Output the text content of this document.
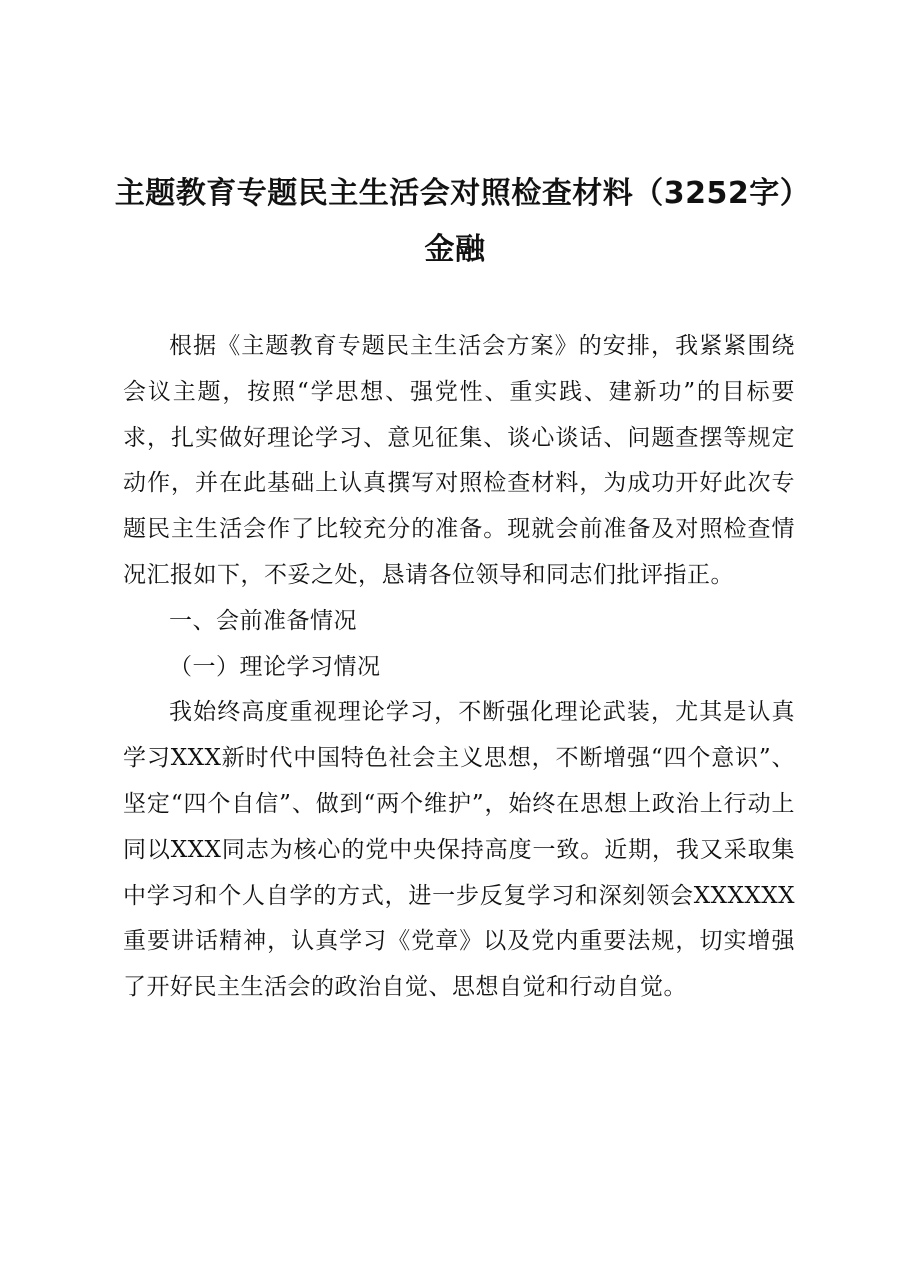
主题教育专题民主生活会对照检查材料（3252字）金融

根据《主题教育专题民主生活会方案》的安排，我紧紧围绕会议主题，按照“学思想、强党性、重实践、建新功”的目标要求，扎实做好理论学习、意见征集、谈心谈话、问题查摆等规定动作，并在此基础上认真撰写对照检查材料，为成功开好此次专题民主生活会作了比较充分的准备。现就会前准备及对照检查情况汇报如下，不妥之处，恳请各位领导和同志们批评指正。

一、会前准备情况

（一）理论学习情况

我始终高度重视理论学习，不断强化理论武装，尤其是认真学习XXX新时代中国特色社会主义思想，不断增强“四个意识”、坚定“四个自信”、做到“两个维护”，始终在思想上政治上行动上同以XXX同志为核心的党中央保持高度一致。近期，我又采取集中学习和个人自学的方式，进一步反复学习和深刻领会XXXXXX重要讲话精神，认真学习《党章》以及党内重要法规，切实增强了开好民主生活会的政治自觉、思想自觉和行动自觉。
